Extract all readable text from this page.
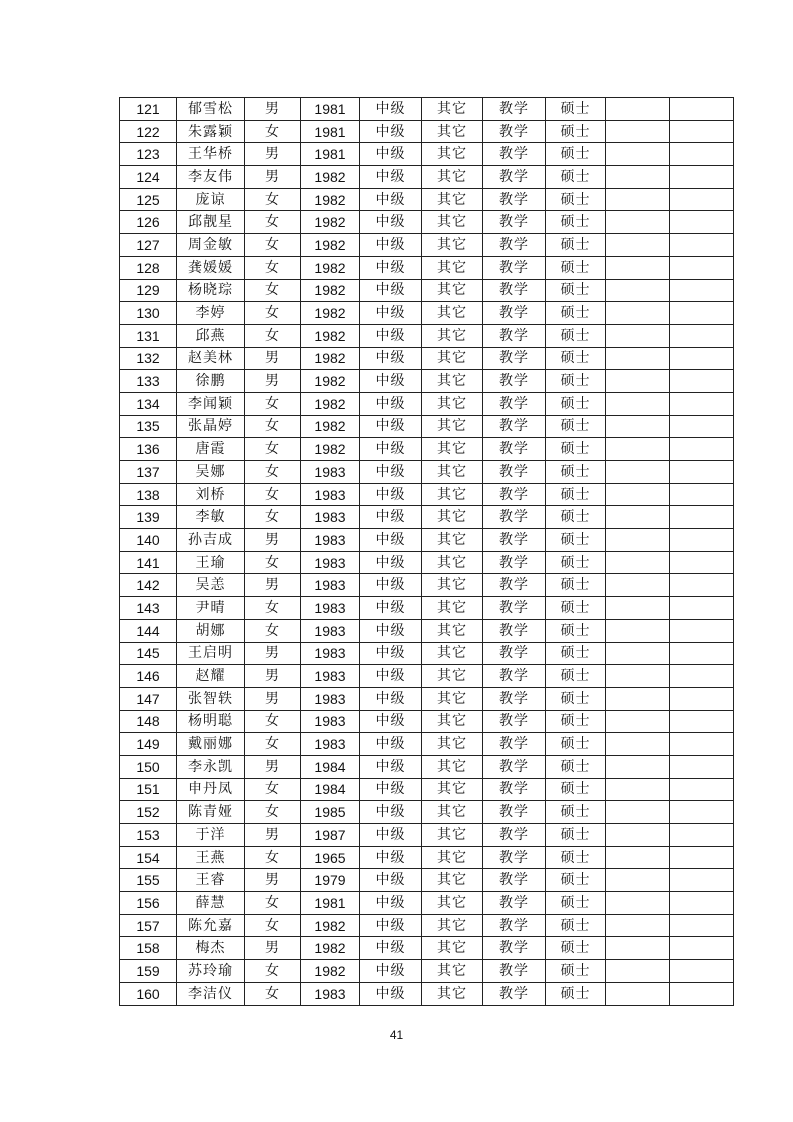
121	郁雪松	男	1981	中级	其它	教学	硕士		
122	朱露颖	女	1981	中级	其它	教学	硕士		
123	王华桥	男	1981	中级	其它	教学	硕士		
124	李友伟	男	1982	中级	其它	教学	硕士		
125	庞谅	女	1982	中级	其它	教学	硕士		
126	邱靓星	女	1982	中级	其它	教学	硕士		
127	周金敏	女	1982	中级	其它	教学	硕士		
128	龚媛媛	女	1982	中级	其它	教学	硕士		
129	杨晓琮	女	1982	中级	其它	教学	硕士		
130	李婷	女	1982	中级	其它	教学	硕士		
131	邱燕	女	1982	中级	其它	教学	硕士		
132	赵美林	男	1982	中级	其它	教学	硕士		
133	徐鹏	男	1982	中级	其它	教学	硕士		
134	李闻颖	女	1982	中级	其它	教学	硕士		
135	张晶婷	女	1982	中级	其它	教学	硕士		
136	唐霞	女	1982	中级	其它	教学	硕士		
137	吴娜	女	1983	中级	其它	教学	硕士		
138	刘桥	女	1983	中级	其它	教学	硕士		
139	李敏	女	1983	中级	其它	教学	硕士		
140	孙吉成	男	1983	中级	其它	教学	硕士		
141	王瑜	女	1983	中级	其它	教学	硕士		
142	吴恙	男	1983	中级	其它	教学	硕士		
143	尹晴	女	1983	中级	其它	教学	硕士		
144	胡娜	女	1983	中级	其它	教学	硕士		
145	王启明	男	1983	中级	其它	教学	硕士		
146	赵耀	男	1983	中级	其它	教学	硕士		
147	张智轶	男	1983	中级	其它	教学	硕士		
148	杨明聪	女	1983	中级	其它	教学	硕士		
149	戴丽娜	女	1983	中级	其它	教学	硕士		
150	李永凯	男	1984	中级	其它	教学	硕士		
151	申丹凤	女	1984	中级	其它	教学	硕士		
152	陈青娅	女	1985	中级	其它	教学	硕士		
153	于洋	男	1987	中级	其它	教学	硕士		
154	王燕	女	1965	中级	其它	教学	硕士		
155	王睿	男	1979	中级	其它	教学	硕士		
156	薛慧	女	1981	中级	其它	教学	硕士		
157	陈允嘉	女	1982	中级	其它	教学	硕士		
158	梅杰	男	1982	中级	其它	教学	硕士		
159	苏玲瑜	女	1982	中级	其它	教学	硕士		
160	李洁仪	女	1983	中级	其它	教学	硕士		
41
